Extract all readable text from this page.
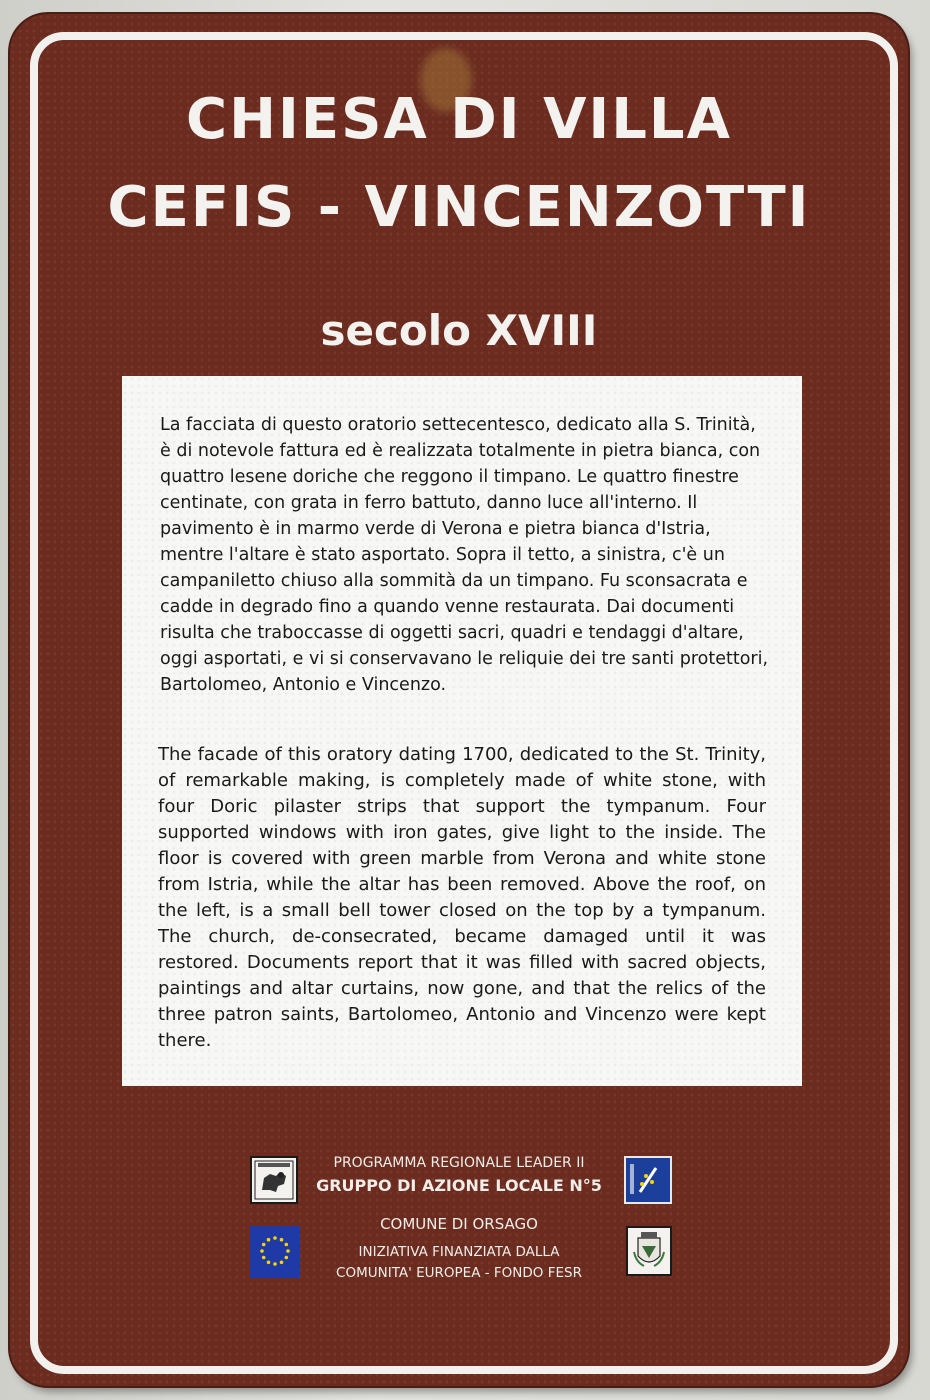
CHIESA DI VILLA
CEFIS - VINCENZOTTI
secolo XVIII

La facciata di questo oratorio settecentesco, dedicato alla S. Trinità, è di notevole fattura ed è realizzata totalmente in pietra bianca, con quattro lesene doriche che reggono il timpano. Le quattro finestre centinate, con grata in ferro battuto, danno luce all'interno. Il pavimento è in marmo verde di Verona e pietra bianca d'Istria, mentre l'altare è stato asportato. Sopra il tetto, a sinistra, c'è un campaniletto chiuso alla sommità da un timpano. Fu sconsacrata e cadde in degrado fino a quando venne restaurata. Dai documenti risulta che traboccasse di oggetti sacri, quadri e tendaggi d'altare, oggi asportati, e vi si conservavano le reliquie dei tre santi protettori, Bartolomeo, Antonio e Vincenzo.

The facade of this oratory dating 1700, dedicated to the St. Trinity, of remarkable making, is completely made of white stone, with four Doric pilaster strips that support the tympanum. Four supported windows with iron gates, give light to the inside. The floor is covered with green marble from Verona and white stone from Istria, while the altar has been removed. Above the roof, on the left, is a small bell tower closed on the top by a tympanum. The church, de-consecrated, became damaged until it was restored. Documents report that it was filled with sacred objects, paintings and altar curtains, now gone, and that the relics of the three patron saints, Bartolomeo, Antonio and Vincenzo were kept there.

PROGRAMMA REGIONALE LEADER II
GRUPPO DI AZIONE LOCALE N°5
COMUNE DI ORSAGO
INIZIATIVA FINANZIATA DALLA
COMUNITA' EUROPEA - FONDO FESR
